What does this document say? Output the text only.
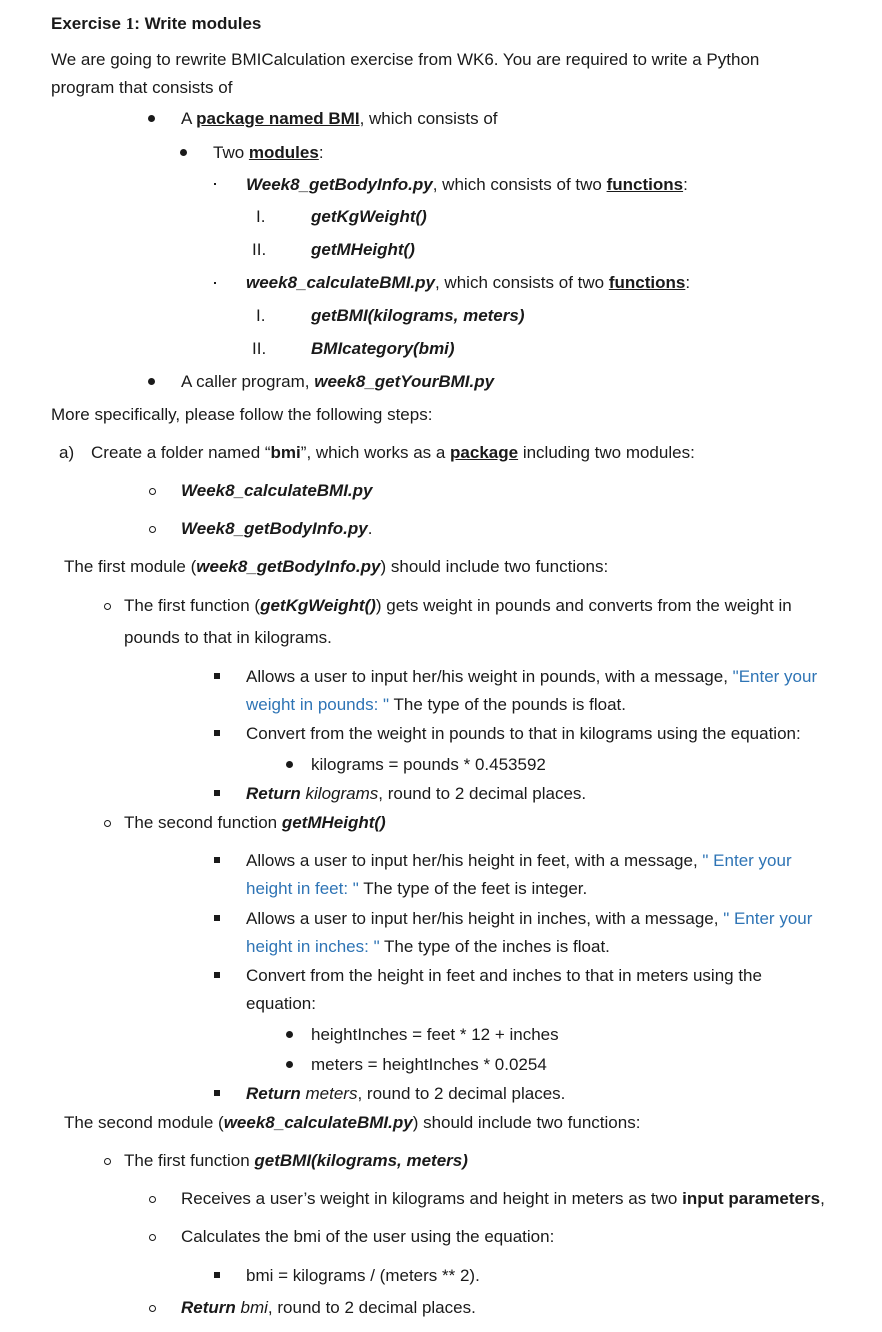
Exercise 1: Write modules
We are going to rewrite BMICalculation exercise from WK6. You are required to write a Python
program that consists of
A package named BMI, which consists of
Two modules:
Week8_getBodyInfo.py, which consists of two functions:
I.	getKgWeight()
II.	getMHeight()
week8_calculateBMI.py, which consists of two functions:
I.	getBMI(kilograms, meters)
II.	BMIcategory(bmi)
A caller program, week8_getYourBMI.py
More specifically, please follow the following steps:
a) Create a folder named “bmi”, which works as a package including two modules:
Week8_calculateBMI.py
Week8_getBodyInfo.py.
The first module (week8_getBodyInfo.py) should include two functions:
The first function (getKgWeight()) gets weight in pounds and converts from the weight in
pounds to that in kilograms.
Allows a user to input her/his weight in pounds, with a message, "Enter your
weight in pounds: " The type of the pounds is float.
Convert from the weight in pounds to that in kilograms using the equation:
kilograms = pounds * 0.453592
Return kilograms, round to 2 decimal places.
The second function getMHeight()
Allows a user to input her/his height in feet, with a message, " Enter your
height in feet: " The type of the feet is integer.
Allows a user to input her/his height in inches, with a message, " Enter your
height in inches: " The type of the inches is float.
Convert from the height in feet and inches to that in meters using the
equation:
heightInches = feet * 12 + inches
meters = heightInches * 0.0254
Return meters, round to 2 decimal places.
The second module (week8_calculateBMI.py) should include two functions:
The first function getBMI(kilograms, meters)
Receives a user’s weight in kilograms and height in meters as two input parameters,
Calculates the bmi of the user using the equation:
bmi = kilograms / (meters ** 2).
Return bmi, round to 2 decimal places.
